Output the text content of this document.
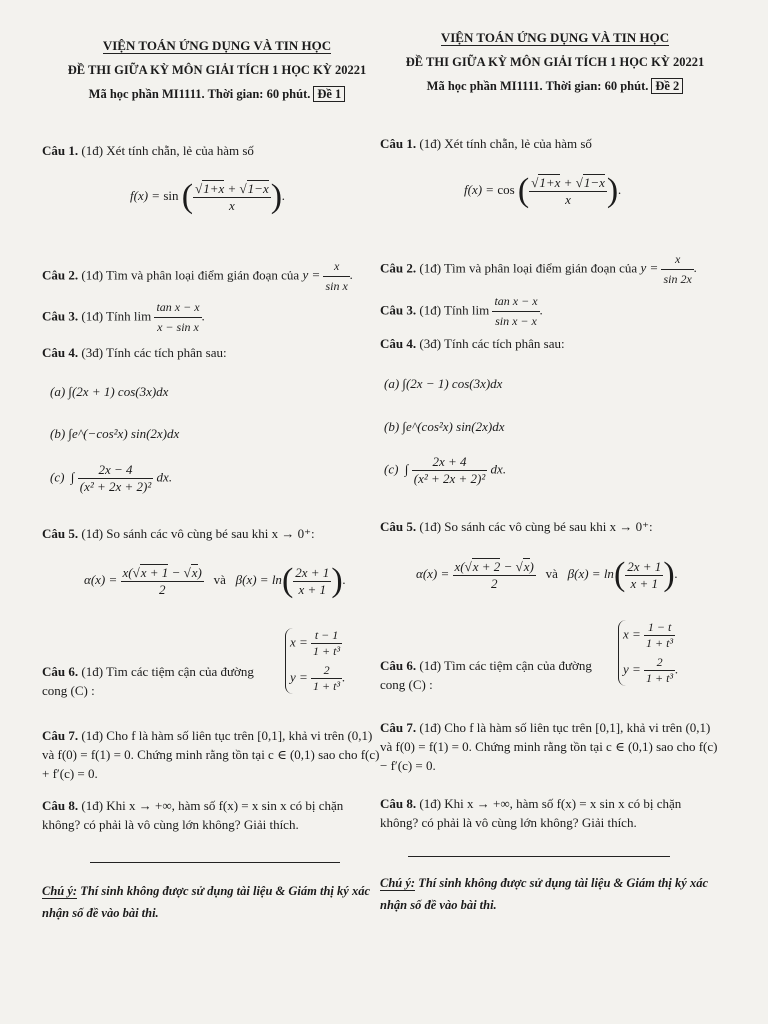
VIỆN TOÁN ỨNG DỤNG VÀ TIN HỌC
ĐỀ THI GIỮA KỲ MÔN GIẢI TÍCH 1 HỌC KỲ 20221
Mã học phần MI1111. Thời gian: 60 phút. Đề 1
Câu 1. (1đ) Xét tính chẵn, lẻ của hàm số
f(x) = sin ( $\frac{√1+x + √1-x}{x}$ ).
Câu 2. (1đ) Tìm và phân loại điểm gián đoạn của $y = \frac{x}{\text{sin x}}$ .
Câu 3. (1đ) Tính $\lim \frac{\text{tan x − x}}{\text{x − sin x}}$ .
Câu 4. (3đ) Tính các tích phân sau:
(a) ∫(2x + 1) cos(3x)dx
(b) ∫e^(−cos²x) sin(2x)dx
(c)  ∫ $\frac{2x - 4}{\text{(x² + 2x + 2)²}}$ dx.
Câu 5. (1đ) So sánh các vô cùng bé sau khi x → 0⁺:
$\alpha(x) = \frac{x(√x + 1 - √x)}{2}$ và   $\beta(x) = \ln( \frac{2x + 1}{x + 1}$ ).
Câu 6. (1đ) Tìm các tiệm cận của đường cong (C) :
$x = \frac{t - 1}{\text{1 + t³}}$
$y = \frac{2}{\text{1 + t³}}$ .
Câu 7. (1đ) Cho f là hàm số liên tục trên [0,1], khả vi trên (0,1) và f(0) = f(1) = 0. Chứng minh rằng tồn tại c ∈ (0,1) sao cho f(c) + f′(c) = 0.
Câu 8. (1đ) Khi x → +∞, hàm số f(x) = x sin x có bị chặn không? có phải là vô cùng lớn không? Giải thích.
Chú ý: Thí sinh không được sử dụng tài liệu & Giám thị ký xác nhận số đề vào bài thi.
VIỆN TOÁN ỨNG DỤNG VÀ TIN HỌC
ĐỀ THI GIỮA KỲ MÔN GIẢI TÍCH 1 HỌC KỲ 20221
Mã học phần MI1111. Thời gian: 60 phút. Đề 2
Câu 1. (1đ) Xét tính chẵn, lẻ của hàm số
f(x) = cos ( $\frac{√1+x + √1-x}{x}$ ).
Câu 2. (1đ) Tìm và phân loại điểm gián đoạn của $y = \frac{x}{\sin 2x}$ .
Câu 3. (1đ) Tính $\lim \frac{\text{tan x − x}}{\text{sin x − x}}$ .
Câu 4. (3đ) Tính các tích phân sau:
(a) ∫(2x − 1) cos(3x)dx
(b) ∫e^(cos²x) sin(2x)dx
(c)  ∫ $\frac{2x + 4}{\text{(x² + 2x + 2)²}}$ dx.
Câu 5. (1đ) So sánh các vô cùng bé sau khi x → 0⁺:
$\alpha(x) = \frac{x(√x + 2 - √x)}{2}$ và   $\beta(x) = \ln( \frac{2x + 1}{x + 1}$ ).
Câu 6. (1đ) Tìm các tiệm cận của đường cong (C) :
$x = \frac{1 - t}{\text{1 + t³}}$
$y = \frac{2}{\text{1 + t³}}$ .
Câu 7. (1đ) Cho f là hàm số liên tục trên [0,1], khả vi trên (0,1) và f(0) = f(1) = 0. Chứng minh rằng tồn tại c ∈ (0,1) sao cho f(c) − f′(c) = 0.
Câu 8. (1đ) Khi x → +∞, hàm số f(x) = x sin x có bị chặn không? có phải là vô cùng lớn không? Giải thích.
Chú ý: Thí sinh không được sử dụng tài liệu & Giám thị ký xác nhận số đề vào bài thi.
